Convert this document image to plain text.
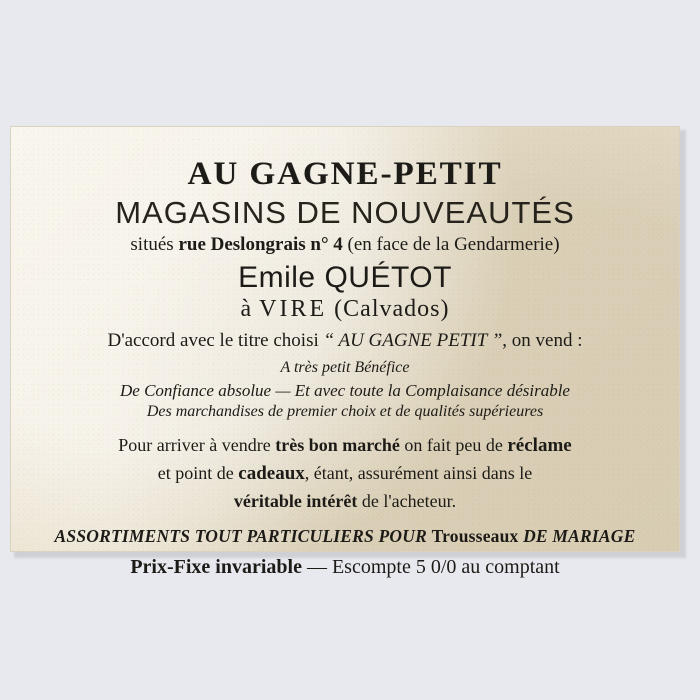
AU GAGNE-PETIT
MAGASINS DE NOUVEAUTÉS
situés rue Deslongrais n° 4 (en face de la Gendarmerie)
Emile QUÉTOT
à VIRE (Calvados)
D'accord avec le titre choisi “ AU GAGNE PETIT ”, on vend :
A très petit Bénéfice
De Confiance absolue — Et avec toute la Complaisance désirable
Des marchandises de premier choix et de qualités supérieures
Pour arriver à vendre très bon marché on fait peu de réclame
et point de cadeaux, étant, assurément ainsi dans le
véritable intérêt de l'acheteur.
ASSORTIMENTS TOUT PARTICULIERS POUR Trousseaux DE MARIAGE
Prix-Fixe invariable — Escompte 5 0/0 au comptant
